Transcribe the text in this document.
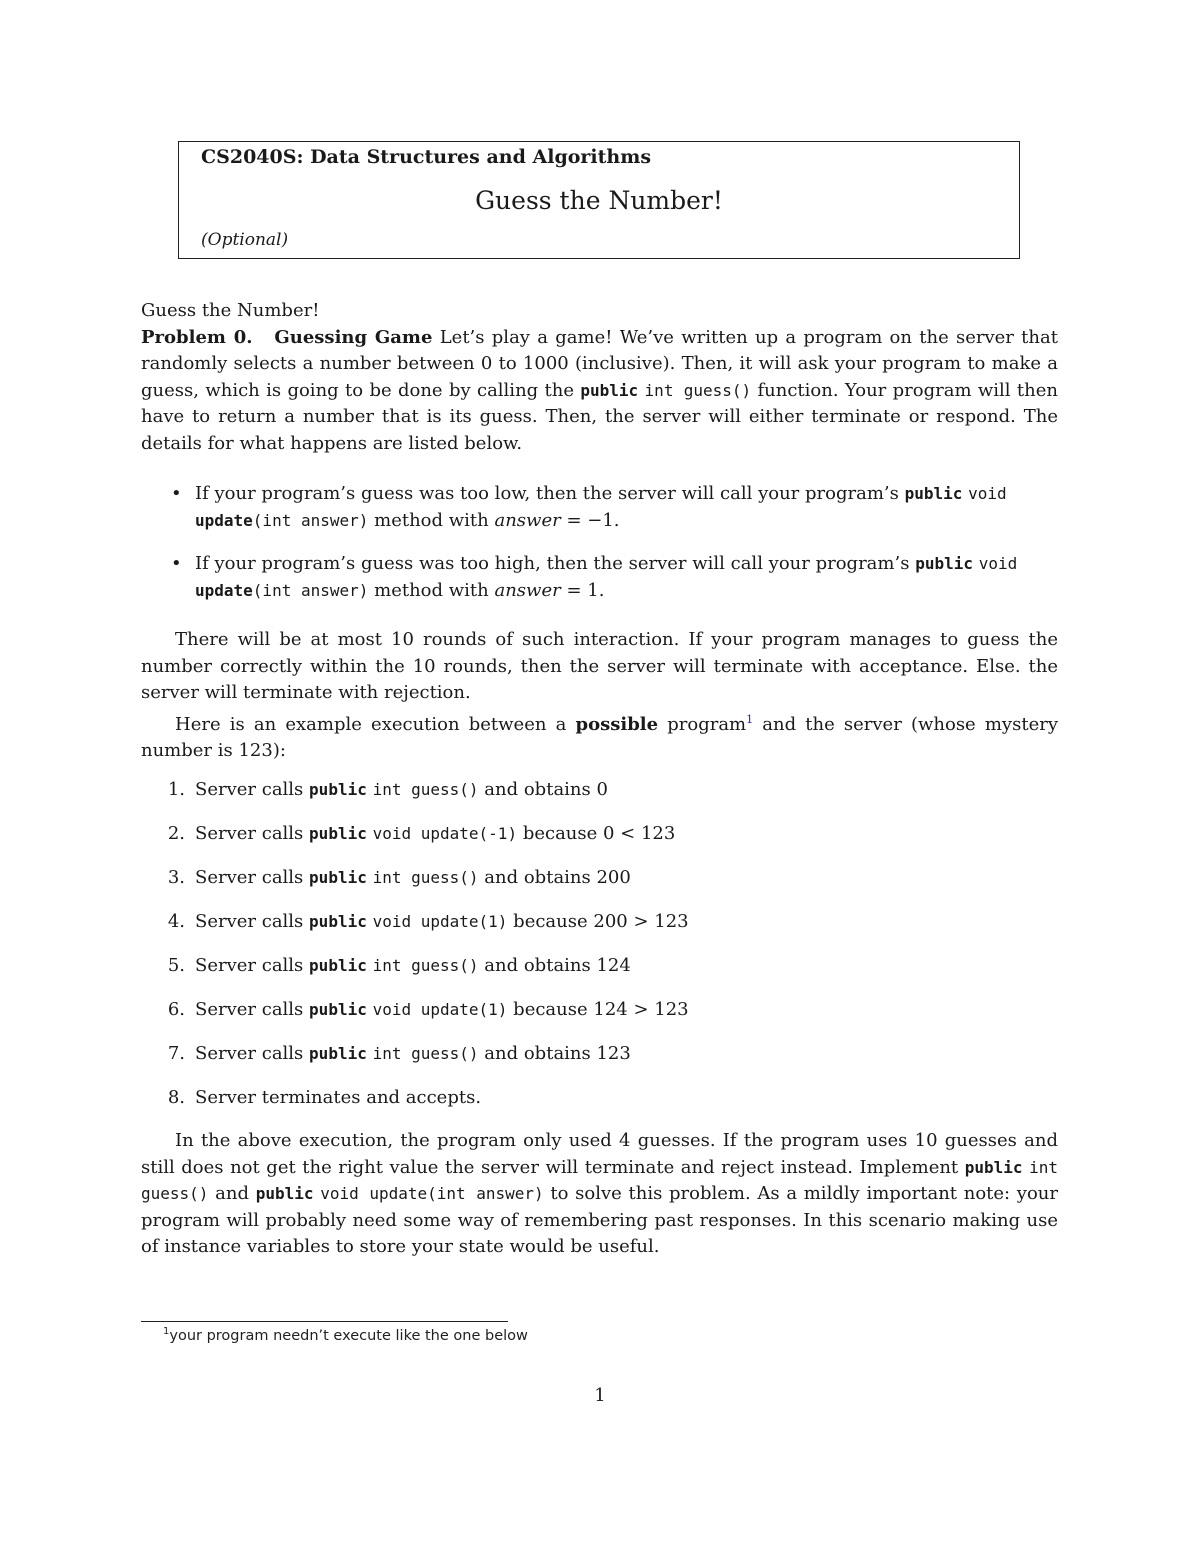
CS2040S: Data Structures and Algorithms

Guess the Number!

(Optional)

Guess the Number!

Problem 0. Guessing Game Let’s play a game! We’ve written up a program on the server that randomly selects a number between 0 to 1000 (inclusive). Then, it will ask your program to make a guess, which is going to be done by calling the public int guess() function. Your program will then have to return a number that is its guess. Then, the server will either terminate or respond. The details for what happens are listed below.

• If your program’s guess was too low, then the server will call your program’s public void
update(int answer) method with answer = −1.
• If your program’s guess was too high, then the server will call your program’s public void
update(int answer) method with answer = 1.

There will be at most 10 rounds of such interaction. If your program manages to guess the number correctly within the 10 rounds, then the server will terminate with acceptance. Else. the server will terminate with rejection.

Here is an example execution between a possible program$^1$ and the server (whose mystery number is 123):

1. Server calls public int guess() and obtains 0
2. Server calls public void update(-1) because 0 < 123
3. Server calls public int guess() and obtains 200
4. Server calls public void update(1) because 200 > 123
5. Server calls public int guess() and obtains 124
6. Server calls public void update(1) because 124 > 123
7. Server calls public int guess() and obtains 123
8. Server terminates and accepts.

In the above execution, the program only used 4 guesses. If the program uses 10 guesses and still does not get the right value the server will terminate and reject instead. Implement public int guess() and public void update(int answer) to solve this problem. As a mildly important note: your program will probably need some way of remembering past responses. In this scenario making use of instance variables to store your state would be useful.

$^1$your program needn’t execute like the one below
1
